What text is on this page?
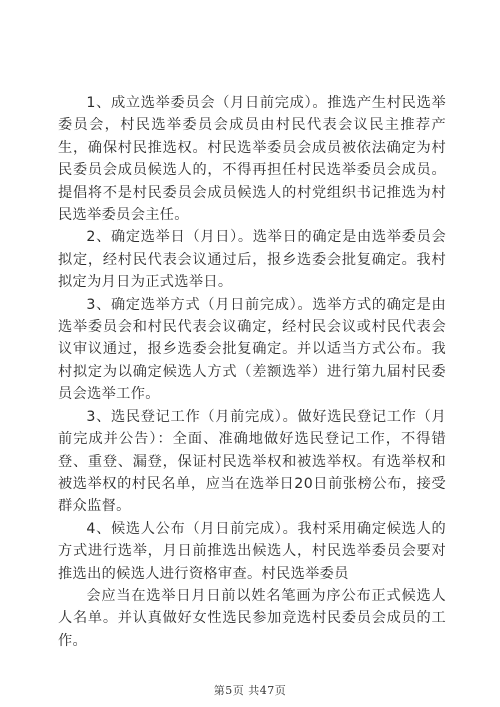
1、成立选举委员会（月日前完成）。推选产生村民选举委员会，村民选举委员会成员由村民代表会议民主推荐产生，确保村民推选权。村民选举委员会成员被依法确定为村民委员会成员候选人的，不得再担任村民选举委员会成员。提倡将不是村民委员会成员候选人的村党组织书记推选为村民选举委员会主任。

2、确定选举日（月日）。选举日的确定是由选举委员会拟定，经村民代表会议通过后，报乡选委会批复确定。我村拟定为月日为正式选举日。

3、确定选举方式（月日前完成）。选举方式的确定是由选举委员会和村民代表会议确定，经村民会议或村民代表会议审议通过，报乡选委会批复确定。并以适当方式公布。我村拟定为以确定候选人方式（差额选举）进行第九届村民委员会选举工作。

3、选民登记工作（月前完成）。做好选民登记工作（月前完成并公告）：全面、准确地做好选民登记工作，不得错登、重登、漏登，保证村民选举权和被选举权。有选举权和被选举权的村民名单，应当在选举日20日前张榜公布，接受群众监督。

4、候选人公布（月日前完成）。我村采用确定候选人的方式进行选举，月日前推选出候选人，村民选举委员会要对推选出的候选人进行资格审查。村民选举委员

会应当在选举日月日前以姓名笔画为序公布正式候选人人名单。并认真做好女性选民参加竞选村民委员会成员的工作。

第5页 共47页
